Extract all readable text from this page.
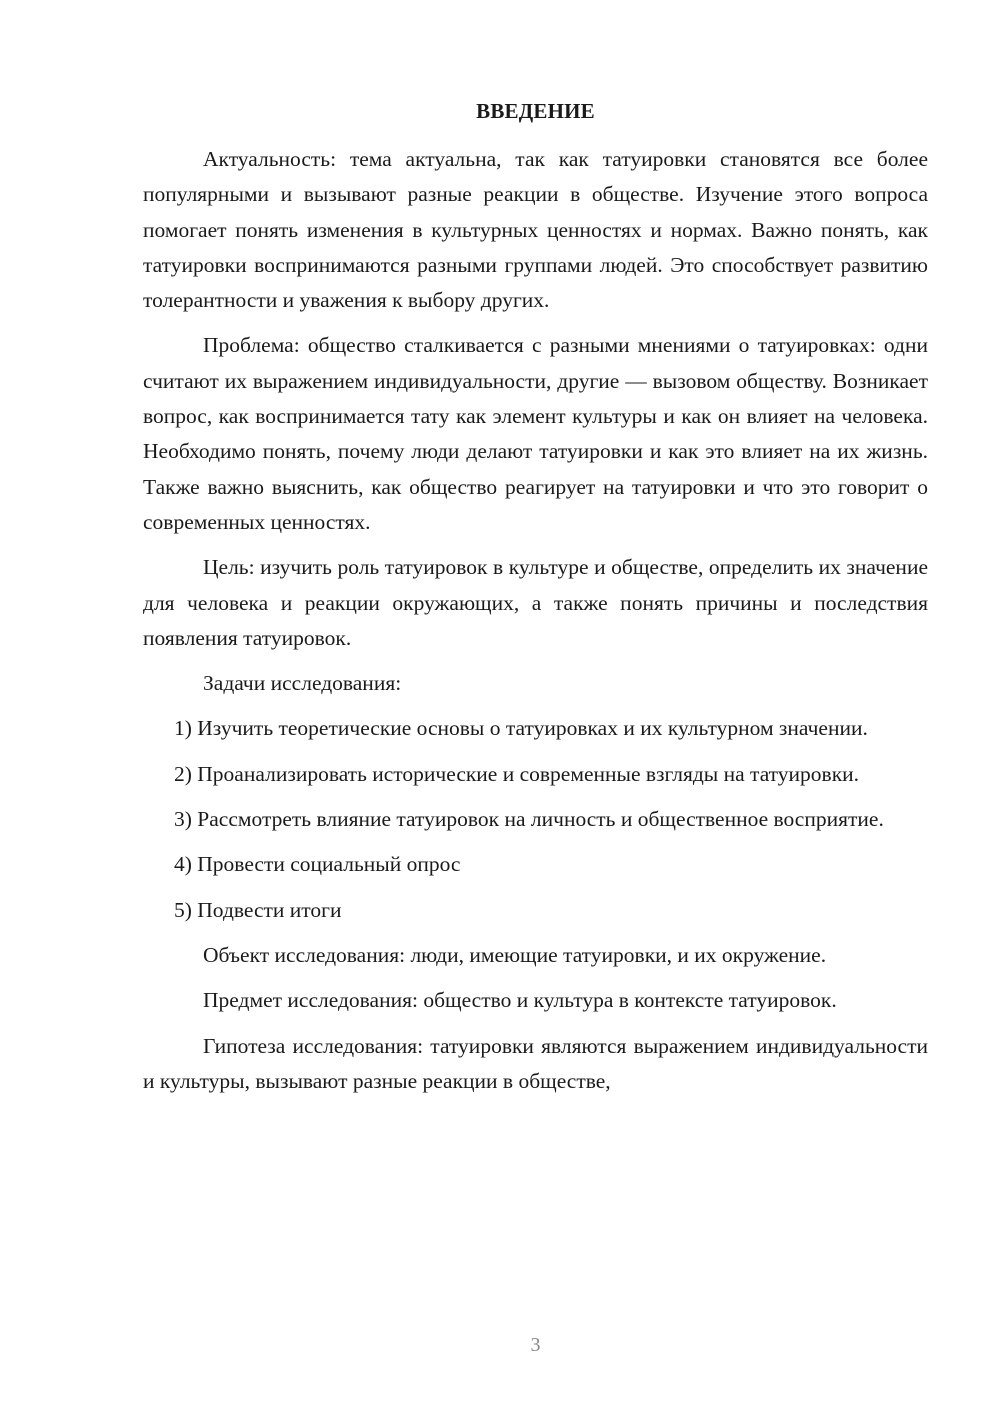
ВВЕДЕНИЕ

Актуальность: тема актуальна, так как татуировки становятся все более популярными и вызывают разные реакции в обществе. Изучение этого вопроса помогает понять изменения в культурных ценностях и нормах. Важно понять, как татуировки воспринимаются разными группами людей. Это способствует развитию толерантности и уважения к выбору других.

Проблема: общество сталкивается с разными мнениями о татуировках: одни считают их выражением индивидуальности, другие — вызовом обществу. Возникает вопрос, как воспринимается тату как элемент культуры и как он влияет на человека. Необходимо понять, почему люди делают татуировки и как это влияет на их жизнь. Также важно выяснить, как общество реагирует на татуировки и что это говорит о современных ценностях.

Цель: изучить роль татуировок в культуре и обществе, определить их значение для человека и реакции окружающих, а также понять причины и последствия появления татуировок.

Задачи исследования:

1) Изучить теоретические основы о татуировках и их культурном значении.

2) Проанализировать исторические и современные взгляды на татуировки.

3) Рассмотреть влияние татуировок на личность и общественное восприятие.

4) Провести социальный опрос

5) Подвести итоги

Объект исследования: люди, имеющие татуировки, и их окружение.

Предмет исследования: общество и культура в контексте татуировок.

Гипотеза исследования: татуировки являются выражением индивидуальности и культуры, вызывают разные реакции в обществе,

3
